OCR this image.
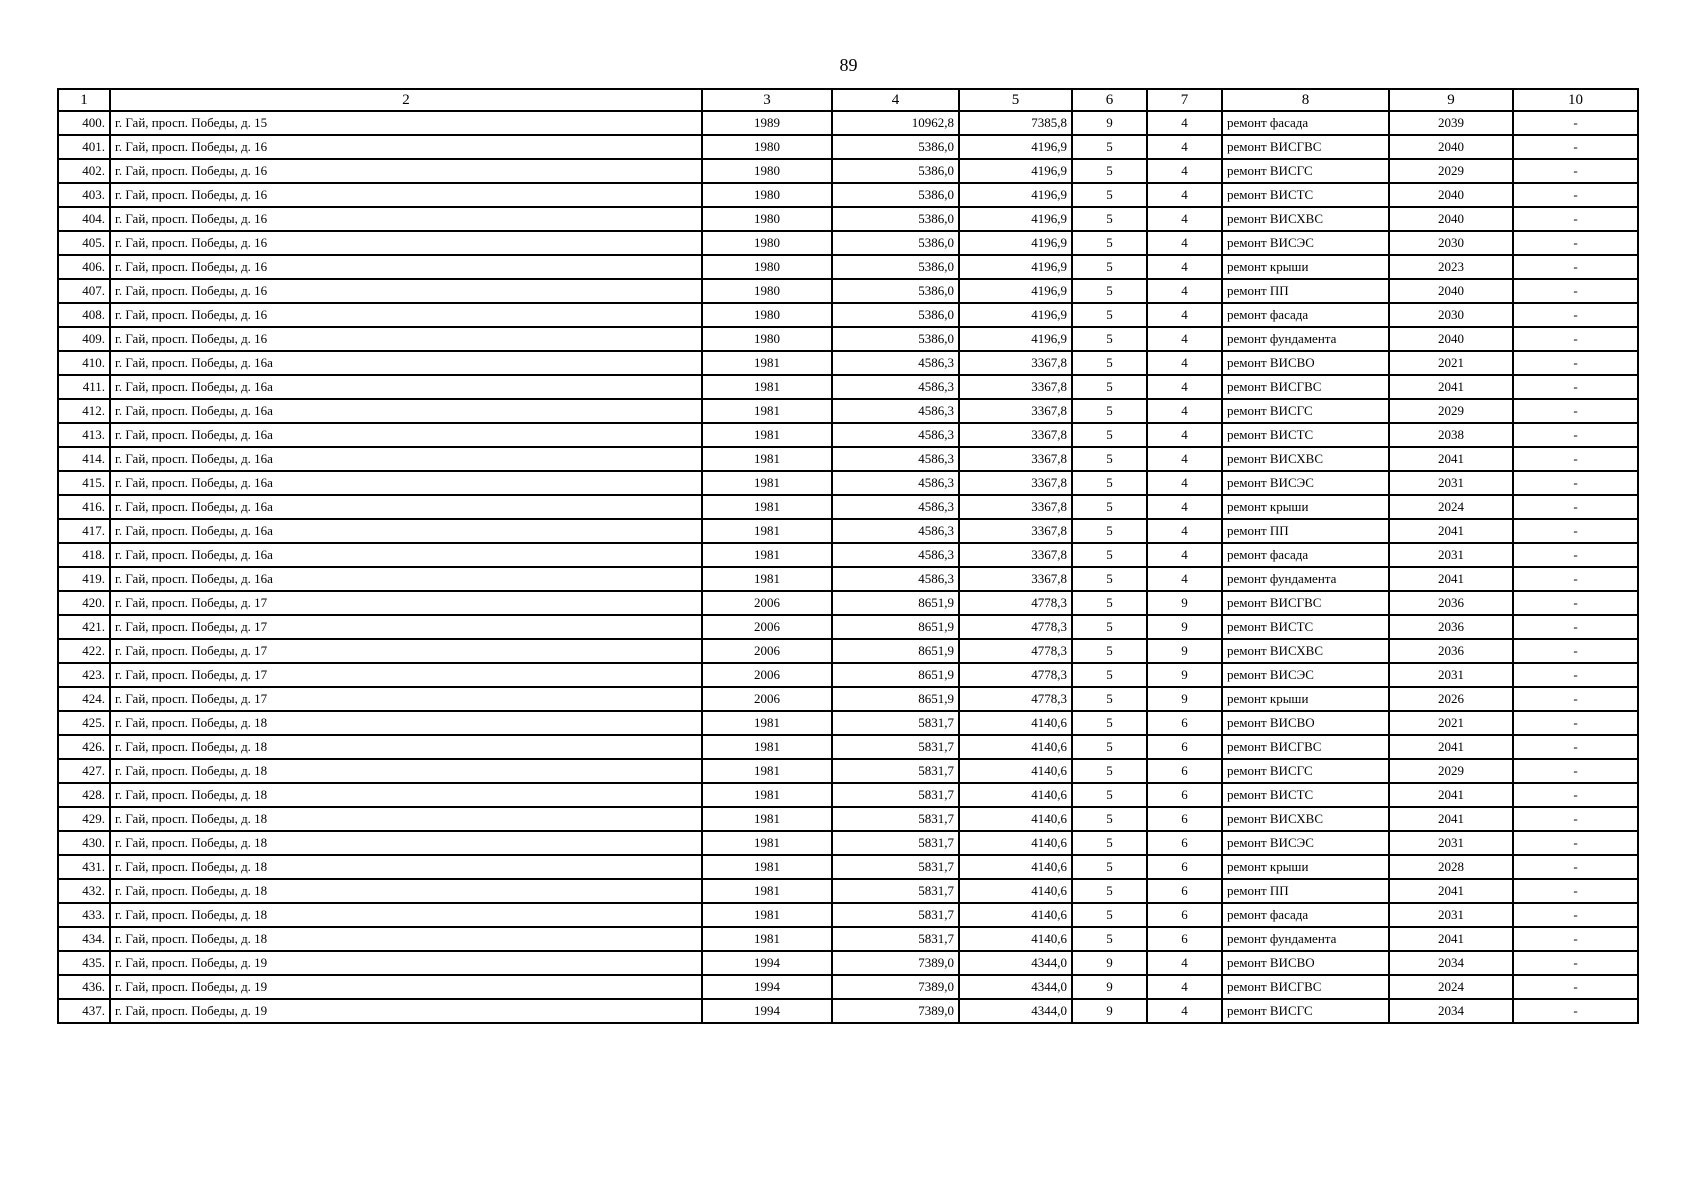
89
1	2	3	4	5	6	7	8	9	10
400.	г. Гай, просп. Победы, д. 15	1989	10962,8	7385,8	9	4	ремонт фасада	2039	-
401.	г. Гай, просп. Победы, д. 16	1980	5386,0	4196,9	5	4	ремонт ВИСГВС	2040	-
402.	г. Гай, просп. Победы, д. 16	1980	5386,0	4196,9	5	4	ремонт ВИСГС	2029	-
403.	г. Гай, просп. Победы, д. 16	1980	5386,0	4196,9	5	4	ремонт ВИСТС	2040	-
404.	г. Гай, просп. Победы, д. 16	1980	5386,0	4196,9	5	4	ремонт ВИСХВС	2040	-
405.	г. Гай, просп. Победы, д. 16	1980	5386,0	4196,9	5	4	ремонт ВИСЭС	2030	-
406.	г. Гай, просп. Победы, д. 16	1980	5386,0	4196,9	5	4	ремонт крыши	2023	-
407.	г. Гай, просп. Победы, д. 16	1980	5386,0	4196,9	5	4	ремонт ПП	2040	-
408.	г. Гай, просп. Победы, д. 16	1980	5386,0	4196,9	5	4	ремонт фасада	2030	-
409.	г. Гай, просп. Победы, д. 16	1980	5386,0	4196,9	5	4	ремонт фундамента	2040	-
410.	г. Гай, просп. Победы, д. 16а	1981	4586,3	3367,8	5	4	ремонт ВИСВО	2021	-
411.	г. Гай, просп. Победы, д. 16а	1981	4586,3	3367,8	5	4	ремонт ВИСГВС	2041	-
412.	г. Гай, просп. Победы, д. 16а	1981	4586,3	3367,8	5	4	ремонт ВИСГС	2029	-
413.	г. Гай, просп. Победы, д. 16а	1981	4586,3	3367,8	5	4	ремонт ВИСТС	2038	-
414.	г. Гай, просп. Победы, д. 16а	1981	4586,3	3367,8	5	4	ремонт ВИСХВС	2041	-
415.	г. Гай, просп. Победы, д. 16а	1981	4586,3	3367,8	5	4	ремонт ВИСЭС	2031	-
416.	г. Гай, просп. Победы, д. 16а	1981	4586,3	3367,8	5	4	ремонт крыши	2024	-
417.	г. Гай, просп. Победы, д. 16а	1981	4586,3	3367,8	5	4	ремонт ПП	2041	-
418.	г. Гай, просп. Победы, д. 16а	1981	4586,3	3367,8	5	4	ремонт фасада	2031	-
419.	г. Гай, просп. Победы, д. 16а	1981	4586,3	3367,8	5	4	ремонт фундамента	2041	-
420.	г. Гай, просп. Победы, д. 17	2006	8651,9	4778,3	5	9	ремонт ВИСГВС	2036	-
421.	г. Гай, просп. Победы, д. 17	2006	8651,9	4778,3	5	9	ремонт ВИСТС	2036	-
422.	г. Гай, просп. Победы, д. 17	2006	8651,9	4778,3	5	9	ремонт ВИСХВС	2036	-
423.	г. Гай, просп. Победы, д. 17	2006	8651,9	4778,3	5	9	ремонт ВИСЭС	2031	-
424.	г. Гай, просп. Победы, д. 17	2006	8651,9	4778,3	5	9	ремонт крыши	2026	-
425.	г. Гай, просп. Победы, д. 18	1981	5831,7	4140,6	5	6	ремонт ВИСВО	2021	-
426.	г. Гай, просп. Победы, д. 18	1981	5831,7	4140,6	5	6	ремонт ВИСГВС	2041	-
427.	г. Гай, просп. Победы, д. 18	1981	5831,7	4140,6	5	6	ремонт ВИСГС	2029	-
428.	г. Гай, просп. Победы, д. 18	1981	5831,7	4140,6	5	6	ремонт ВИСТС	2041	-
429.	г. Гай, просп. Победы, д. 18	1981	5831,7	4140,6	5	6	ремонт ВИСХВС	2041	-
430.	г. Гай, просп. Победы, д. 18	1981	5831,7	4140,6	5	6	ремонт ВИСЭС	2031	-
431.	г. Гай, просп. Победы, д. 18	1981	5831,7	4140,6	5	6	ремонт крыши	2028	-
432.	г. Гай, просп. Победы, д. 18	1981	5831,7	4140,6	5	6	ремонт ПП	2041	-
433.	г. Гай, просп. Победы, д. 18	1981	5831,7	4140,6	5	6	ремонт фасада	2031	-
434.	г. Гай, просп. Победы, д. 18	1981	5831,7	4140,6	5	6	ремонт фундамента	2041	-
435.	г. Гай, просп. Победы, д. 19	1994	7389,0	4344,0	9	4	ремонт ВИСВО	2034	-
436.	г. Гай, просп. Победы, д. 19	1994	7389,0	4344,0	9	4	ремонт ВИСГВС	2024	-
437.	г. Гай, просп. Победы, д. 19	1994	7389,0	4344,0	9	4	ремонт ВИСГС	2034	-
